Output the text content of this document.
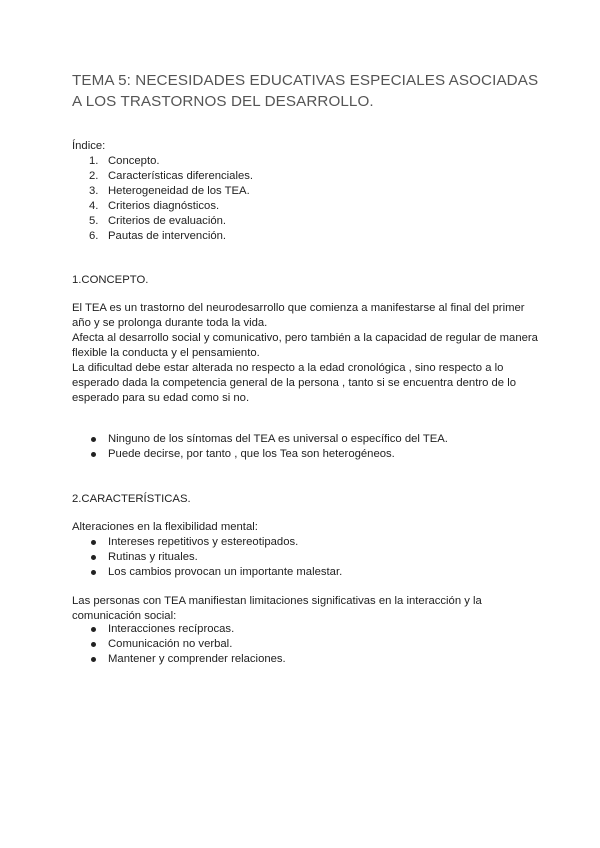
TEMA 5: NECESIDADES EDUCATIVAS ESPECIALES ASOCIADAS A LOS TRASTORNOS DEL DESARROLLO.
Índice:
1. Concepto.
2. Características diferenciales.
3. Heterogeneidad de los TEA.
4. Criterios diagnósticos.
5. Criterios de evaluación.
6. Pautas de intervención.
1.CONCEPTO.
El TEA es un trastorno del neurodesarrollo que comienza a manifestarse al final del primer año y se prolonga durante toda la vida.
Afecta al desarrollo social y comunicativo, pero también a la capacidad de regular de manera flexible la conducta y el pensamiento.
La dificultad debe estar alterada no respecto a la edad cronológica , sino respecto a lo esperado dada la competencia general de la persona , tanto si se encuentra dentro de lo esperado para su edad como si no.
Ninguno de los síntomas del TEA es universal o específico del TEA.
Puede decirse, por tanto , que los Tea son heterogéneos.
2.CARACTERÍSTICAS.
Alteraciones en la flexibilidad mental:
Intereses repetitivos y estereotipados.
Rutinas y rituales.
Los cambios provocan un importante malestar.
Las personas con TEA manifiestan limitaciones significativas en la interacción y la comunicación social:
Interacciones recíprocas.
Comunicación no verbal.
Mantener y comprender relaciones.
